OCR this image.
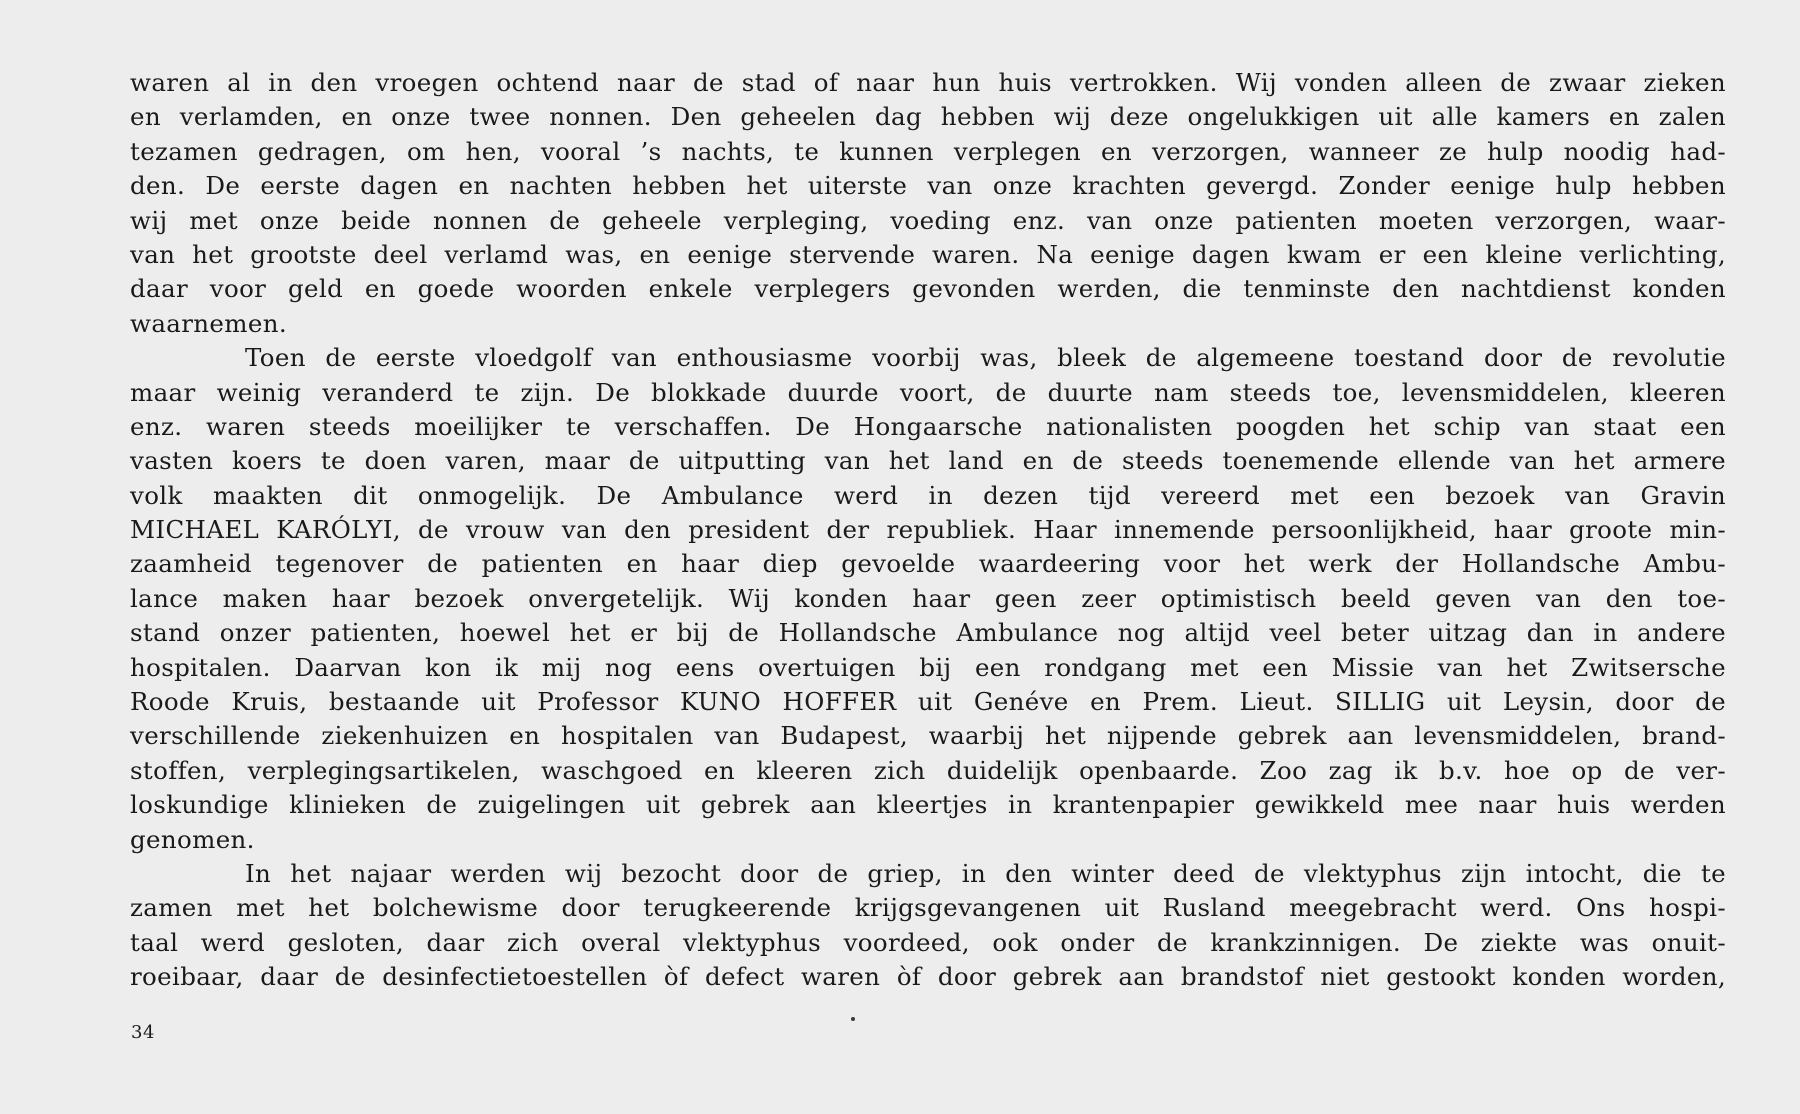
waren al in den vroegen ochtend naar de stad of naar hun huis vertrokken. Wij vonden alleen de zwaar zieken
en verlamden, en onze twee nonnen. Den geheelen dag hebben wij deze ongelukkigen uit alle kamers en zalen
tezamen gedragen, om hen, vooral ’s nachts, te kunnen verplegen en verzorgen, wanneer ze hulp noodig had-
den. De eerste dagen en nachten hebben het uiterste van onze krachten gevergd. Zonder eenige hulp hebben
wij met onze beide nonnen de geheele verpleging, voeding enz. van onze patienten moeten verzorgen, waar-
van het grootste deel verlamd was, en eenige stervende waren. Na eenige dagen kwam er een kleine verlichting,
daar voor geld en goede woorden enkele verplegers gevonden werden, die tenminste den nachtdienst konden
waarnemen.
Toen de eerste vloedgolf van enthousiasme voorbij was, bleek de algemeene toestand door de revolutie
maar weinig veranderd te zijn. De blokkade duurde voort, de duurte nam steeds toe, levensmiddelen, kleeren
enz. waren steeds moeilijker te verschaffen. De Hongaarsche nationalisten poogden het schip van staat een
vasten koers te doen varen, maar de uitputting van het land en de steeds toenemende ellende van het armere
volk maakten dit onmogelijk. De Ambulance werd in dezen tijd vereerd met een bezoek van Gravin
MICHAEL KARÓLYI, de vrouw van den president der republiek. Haar innemende persoonlijkheid, haar groote min-
zaamheid tegenover de patienten en haar diep gevoelde waardeering voor het werk der Hollandsche Ambu-
lance maken haar bezoek onvergetelijk. Wij konden haar geen zeer optimistisch beeld geven van den toe-
stand onzer patienten, hoewel het er bij de Hollandsche Ambulance nog altijd veel beter uitzag dan in andere
hospitalen. Daarvan kon ik mij nog eens overtuigen bij een rondgang met een Missie van het Zwitsersche
Roode Kruis, bestaande uit Professor KUNO HOFFER uit Genéve en Prem. Lieut. SILLIG uit Leysin, door de
verschillende ziekenhuizen en hospitalen van Budapest, waarbij het nijpende gebrek aan levensmiddelen, brand-
stoffen, verplegingsartikelen, waschgoed en kleeren zich duidelijk openbaarde. Zoo zag ik b.v. hoe op de ver-
loskundige klinieken de zuigelingen uit gebrek aan kleertjes in krantenpapier gewikkeld mee naar huis werden
genomen.
In het najaar werden wij bezocht door de griep, in den winter deed de vlektyphus zijn intocht, die te
zamen met het bolchewisme door terugkeerende krijgsgevangenen uit Rusland meegebracht werd. Ons hospi-
taal werd gesloten, daar zich overal vlektyphus voordeed, ook onder de krankzinnigen. De ziekte was onuit-
roeibaar, daar de desinfectietoestellen òf defect waren òf door gebrek aan brandstof niet gestookt konden worden,
34
